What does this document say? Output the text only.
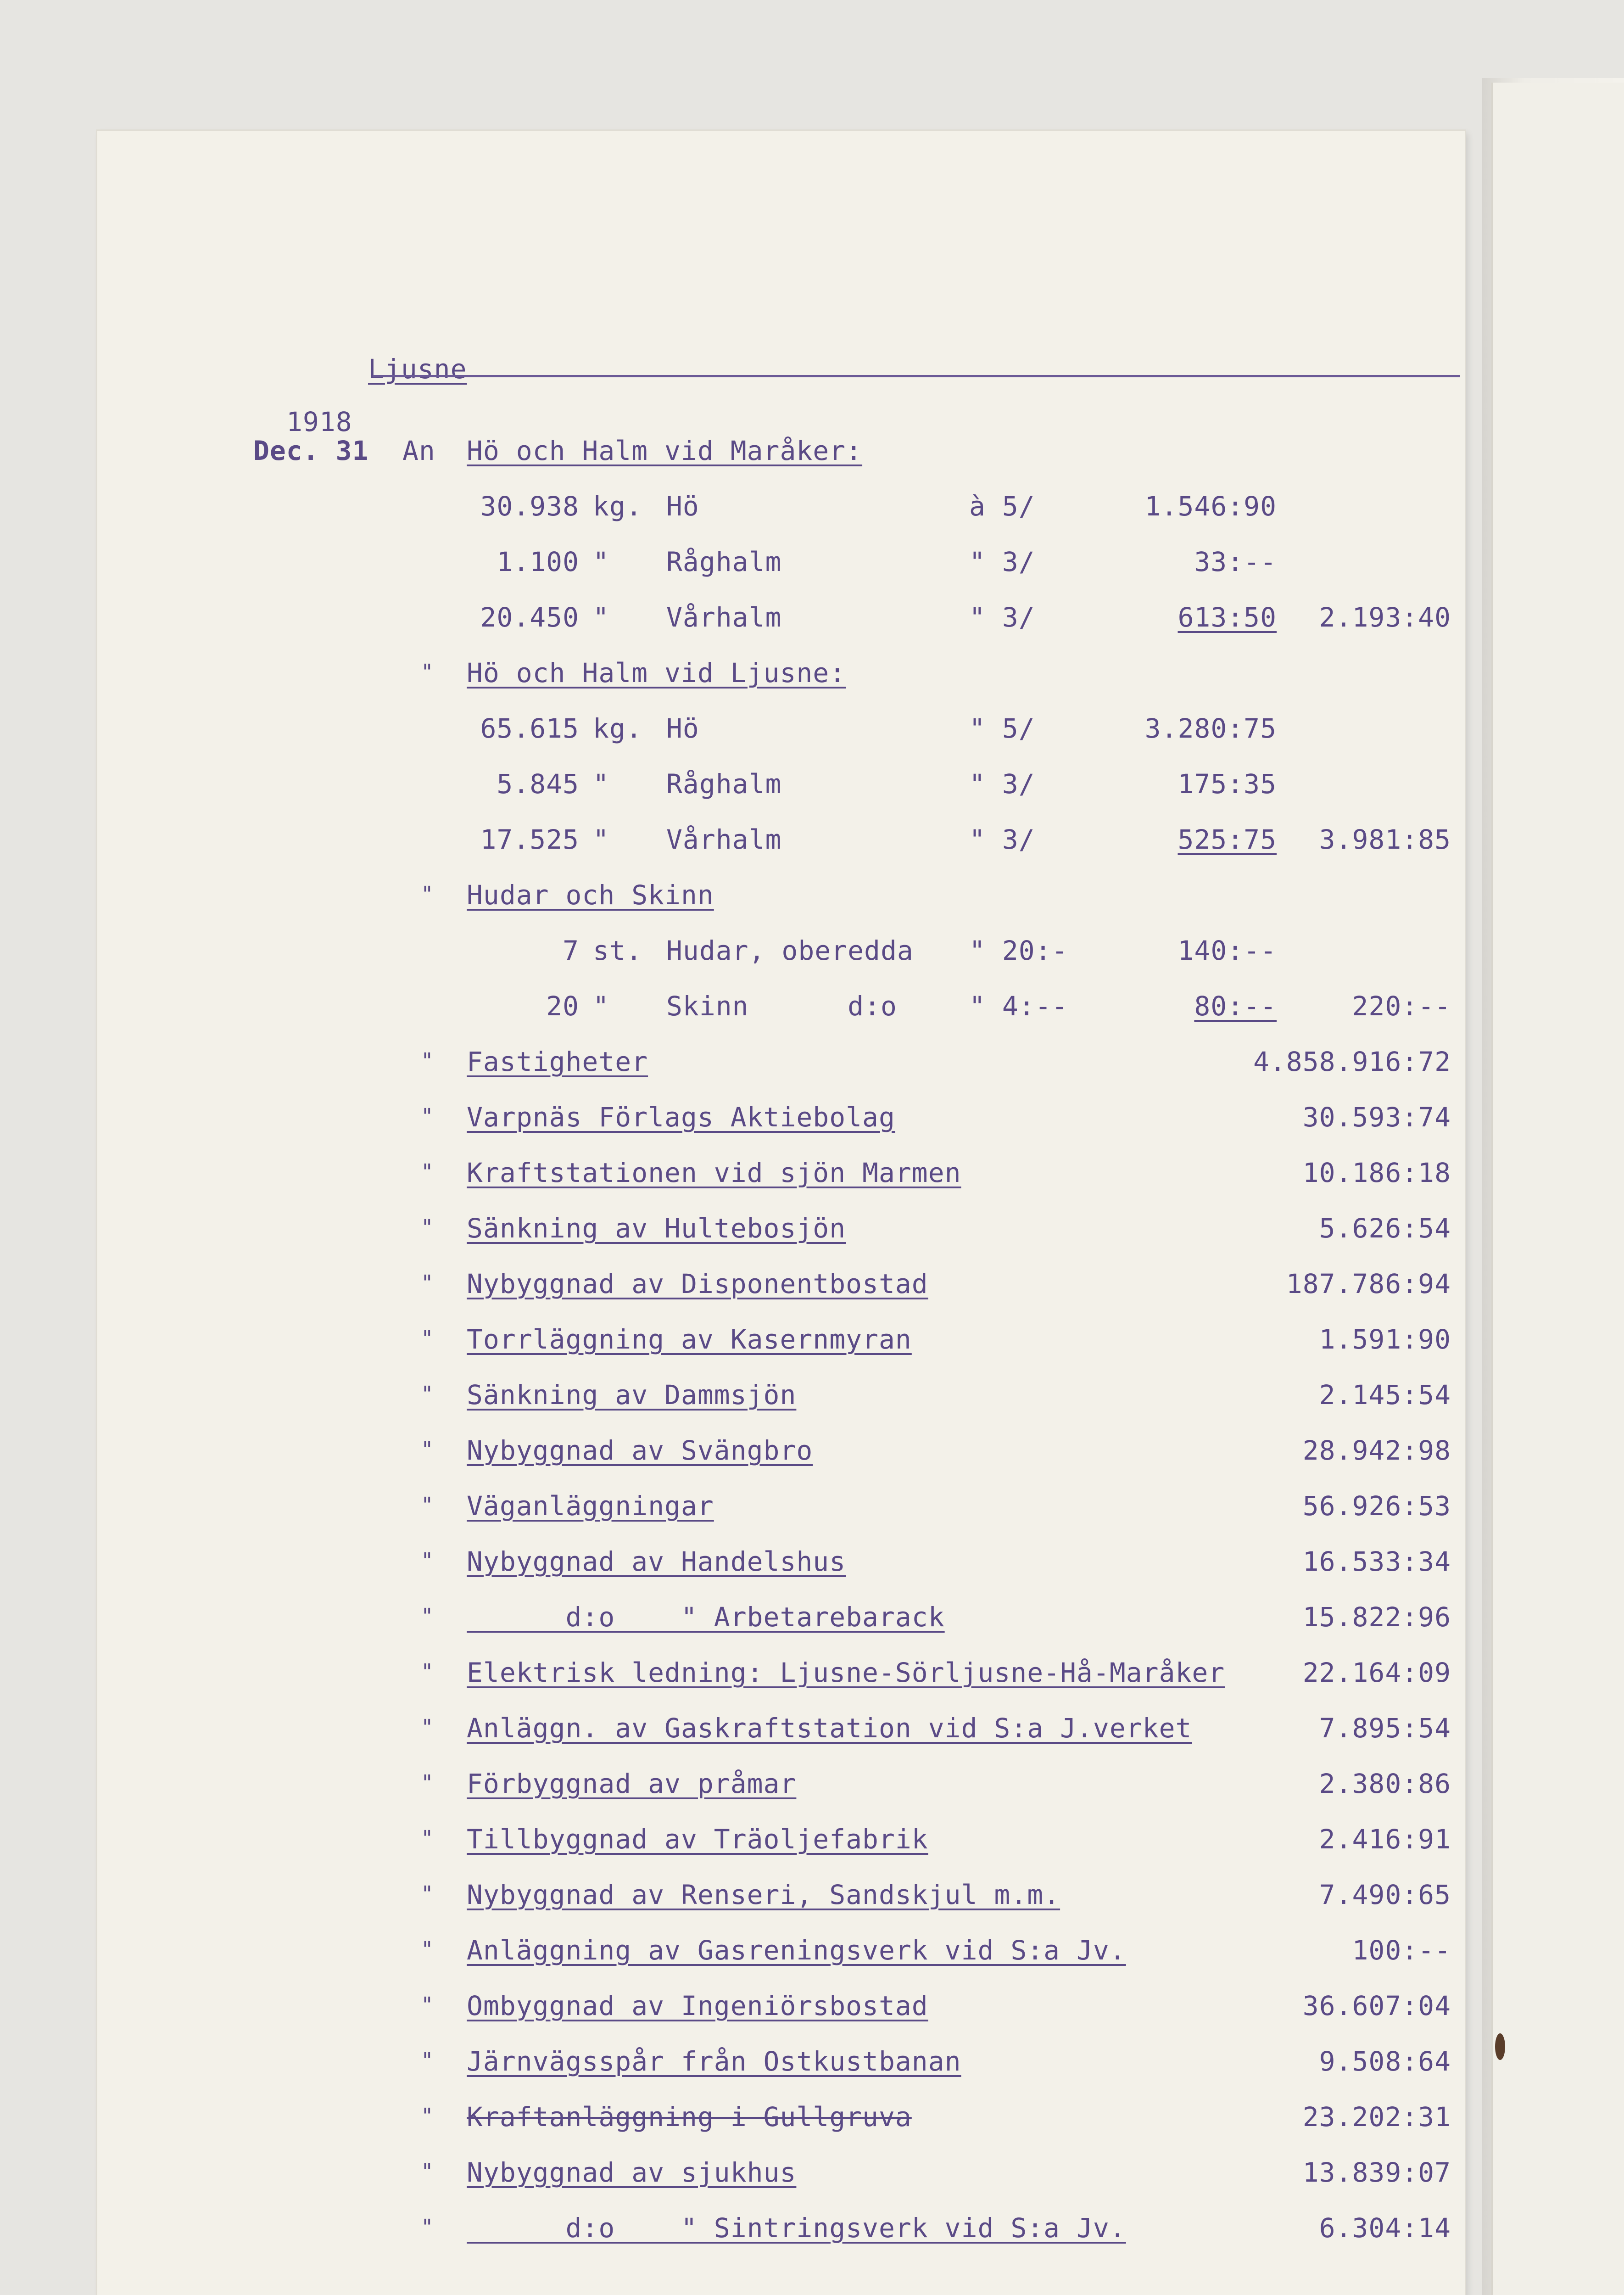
Ljusne
1918
Dec. 31 An Hö och Halm vid Maråker:
30.938 kg. Hö	à 5/	1.546:90
1.100 " Råghalm	" 3/	33:--
20.450 " Vårhalm	" 3/	613:50	2.193:40
" Hö och Halm vid Ljusne:
65.615 kg. Hö	" 5/	3.280:75
5.845 " Råghalm	" 3/	175:35
17.525 " Vårhalm	" 3/	525:75	3.981:85
" Hudar och Skinn
7 st. Hudar, oberedda " 20:-	140:--
20 " Skinn      d:o	" 4:--	80:--	220:--
" Fastigheter	4.858.916:72
" Varpnäs Förlags Aktiebolag	30.593:74
" Kraftstationen vid sjön Marmen	10.186:18
" Sänkning av Hultebosjön	5.626:54
" Nybyggnad av Disponentbostad	187.786:94
" Torrläggning av Kasernmyran	1.591:90
" Sänkning av Dammsjön	2.145:54
" Nybyggnad av Svängbro	28.942:98
" Väganläggningar	56.926:53
" Nybyggnad av Handelshus	16.533:34
" d:o    " Arbetarebarack	15.822:96
" Elektrisk ledning: Ljusne-Sörljusne-Hå-Maråker	22.164:09
" Anläggn. av Gaskraftstation vid S:a J.verket	7.895:54
" Förbyggnad av pråmar	2.380:86
" Tillbyggnad av Träoljefabrik	2.416:91
" Nybyggnad av Renseri, Sandskjul m.m.	7.490:65
" Anläggning av Gasreningsverk vid S:a Jv.	100:--
" Ombyggnad av Ingeniörsbostad	36.607:04
" Järnvägsspår från Ostkustbanan	9.508:64
" Kraftanläggning i Gullgruva	23.202:31
" Nybyggnad av sjukhus	13.839:07
" d:o    " Sintringsverk vid S:a Jv.	6.304:14
